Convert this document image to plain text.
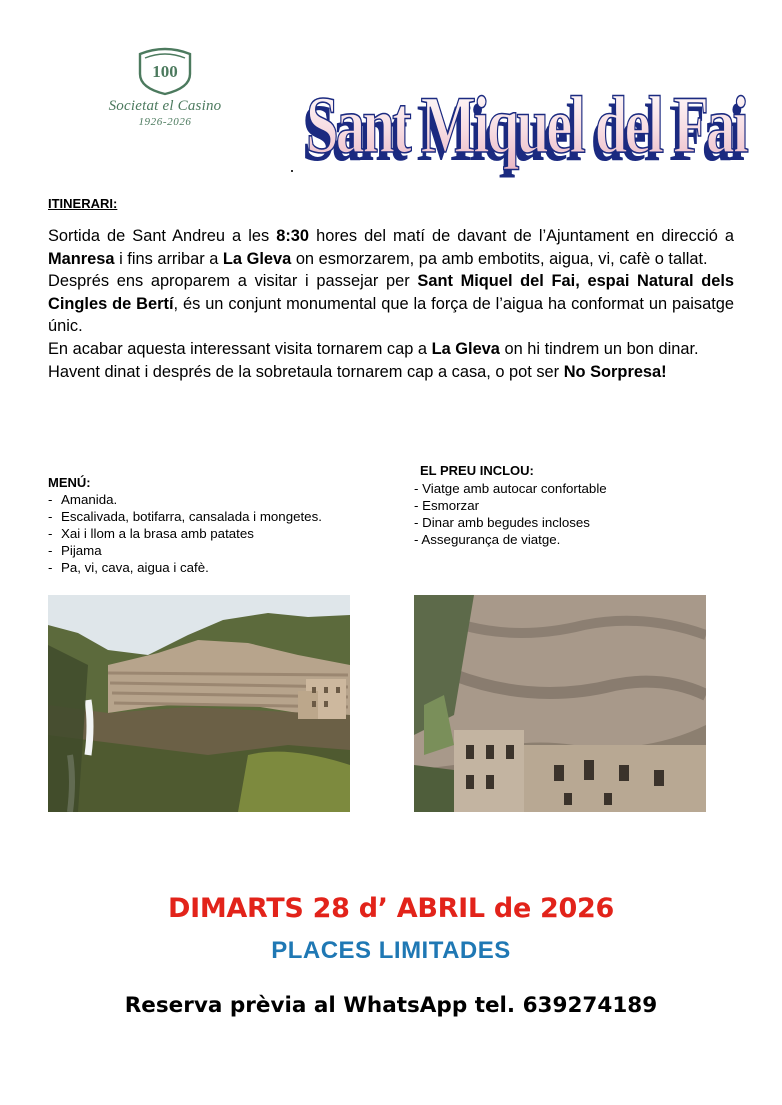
100
Societat el Casino
1926-2026	Sant Miquel del Fai
Sant Miquel del Fai
ITINERARI:

Sortida de Sant Andreu a les 8:30 hores del matí de davant de l’Ajuntament en direcció a Manresa i fins arribar a La Gleva on esmorzarem, pa amb embotits, aigua, vi, cafè o tallat.

Després ens aproparem a visitar i passejar per Sant Miquel del Fai, espai Natural dels Cingles de Bertí, és un conjunt monumental que la força de l’aigua ha conformat un paisatge únic.

En acabar aquesta interessant visita tornarem cap a La Gleva on hi tindrem un bon dinar.

Havent dinat i després de la sobretaula tornarem cap a casa, o pot ser No Sorpresa!

MENÚ:
- Amanida.
- Escalivada, botifarra, cansalada i mongetes.
- Xai i llom a la brasa amb patates
- Pijama
- Pa, vi, cava, aigua i cafè.
EL PREU INCLOU:
- Viatge amb autocar confortable
- Esmorzar
- Dinar amb begudes incloses
- Assegurança de viatge.
DIMARTS 28 d’ ABRIL de 2026
PLACES LIMITADES
Reserva prèvia al WhatsApp tel. 639274189
